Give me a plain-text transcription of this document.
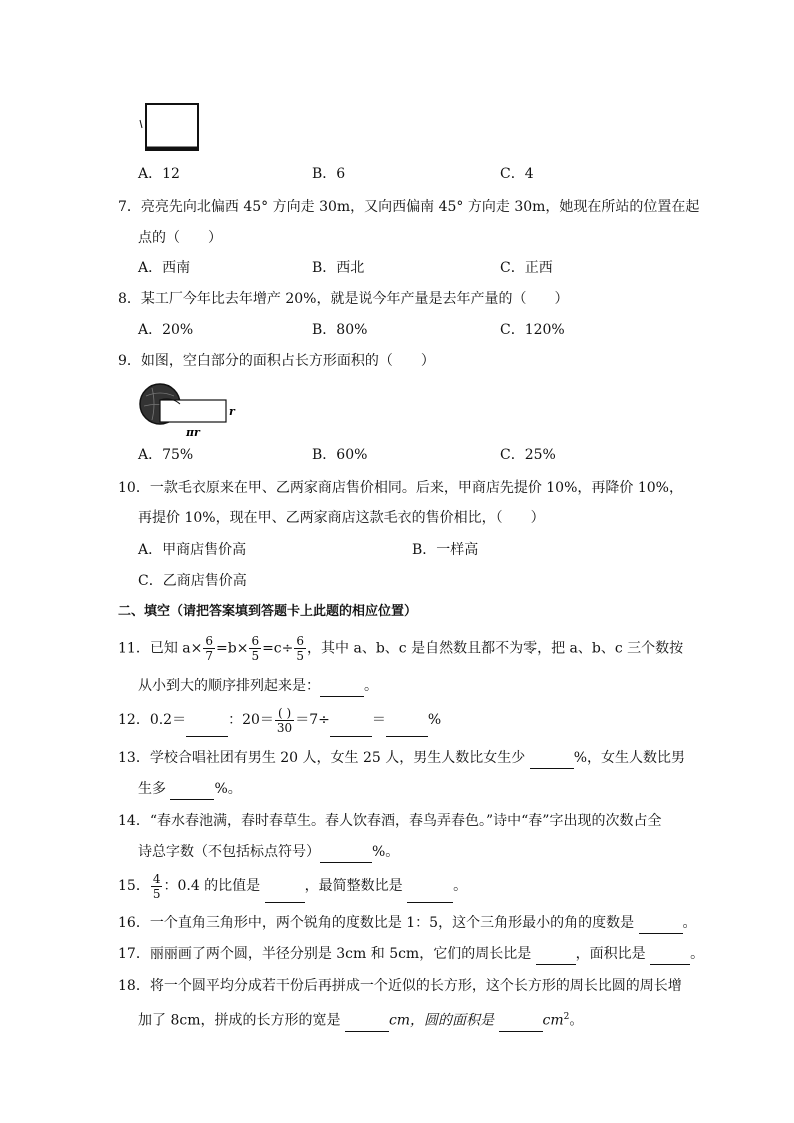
A．12	B．6	C．4
7．亮亮先向北偏西 45° 方向走 30m，又向西偏南 45° 方向走 30m，她现在所站的位置在起
点的（　　）
A．西南	B．西北	C．正西
8．某工厂今年比去年增产 20%，就是说今年产量是去年产量的（　　）
A．20%	B．80%	C．120%
9．如图，空白部分的面积占长方形面积的（　　）
r
πr
A．75%	B．60%	C．25%
10．一款毛衣原来在甲、乙两家商店售价相同。后来，甲商店先提价 10%，再降价 10%，
再提价 10%，现在甲、乙两家商店这款毛衣的售价相比，（　　）
A．甲商店售价高	B．一样高
C．乙商店售价高
二、填空（请把答案填到答题卡上此题的相应位置）
11．已知 $a\times \frac{6}{7} =b\times \frac{6}{5} =c\div \frac{6}{5}$ ，其中 a、b、c 是自然数且都不为零，把 a、b、c 三个数按
从小到大的顺序排列起来是：	。
12．0.2＝	：$20= \frac{( )}{30} =7\div$	＝	%
13．学校合唱社团有男生 20 人，女生 25 人，男生人数比女生少	%，女生人数比男
生多	%。
14．“春水春池满，春时春草生。春人饮春酒，春鸟弄春色。”诗中“春”字出现的次数占全
诗总字数（不包括标点符号）	%。
15． $\frac{4}{5}$ ：0.4 的比值是	，最简整数比是	。
16．一个直角三角形中，两个锐角的度数比是 1：5，这个三角形最小的角的度数是	。
17．丽丽画了两个圆，半径分别是 3cm 和 5cm，它们的周长比是	，面积比是	。
18．将一个圆平均分成若干份后再拼成一个近似的长方形，这个长方形的周长比圆的周长增
加了 8cm，拼成的长方形的宽是	cm，圆的面积是	$cm^2$。
